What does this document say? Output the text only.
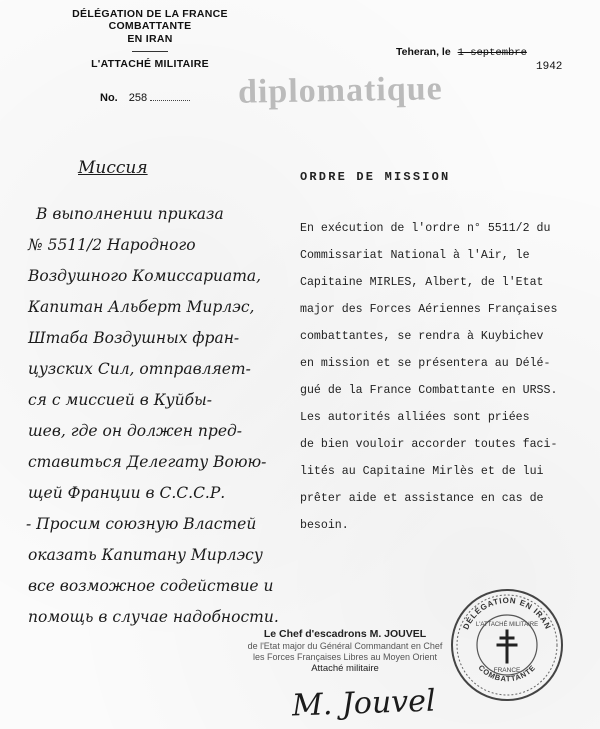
DÉLÉGATION DE LA FRANCE COMBATTANTE
EN IRAN
L'ATTACHÉ MILITAIRE
No. 258	diplomatique
Teheran, le 1 septembre
1942
Миссия
В выполнении приказа
№ 5511/2 Народного
Воздушного Комиссариата,
Капитан Альберт Мирлэс,
Штаба Воздушных фран-
цузских Сил, отправляет-
ся с миссией в Куйбы-
шев, где он должен пред-
ставиться Делегату Воюю-
щей Франции в С.С.С.Р.
- Просим союзную Властей
оказать Капитану Мирлэсу
все возможное содействие и
помощь в случае надобности.
ORDRE DE MISSION
En exécution de l'ordre n° 5511/2 du
Commissariat National à l'Air, le
Capitaine MIRLES, Albert, de l'Etat
major des Forces Aériennes Françaises
combattantes, se rendra à Kuybichev
en mission et se présentera au Délé-
gué de la France Combattante en URSS.
Les autorités alliées sont priées
de bien vouloir accorder toutes faci-
lités au Capitaine Mirlès et de lui
prêter aide et assistance en cas de
besoin.
Le Chef d'escadrons M. JOUVEL
de l'Etat major du Général Commandant en Chef
les Forces Françaises Libres au Moyen Orient
Attaché militaire
M. Jouvel
DÉLÉGATION EN IRAN
COMBATTANTE
L'ATTACHÉ MILITAIRE
FRANCE
